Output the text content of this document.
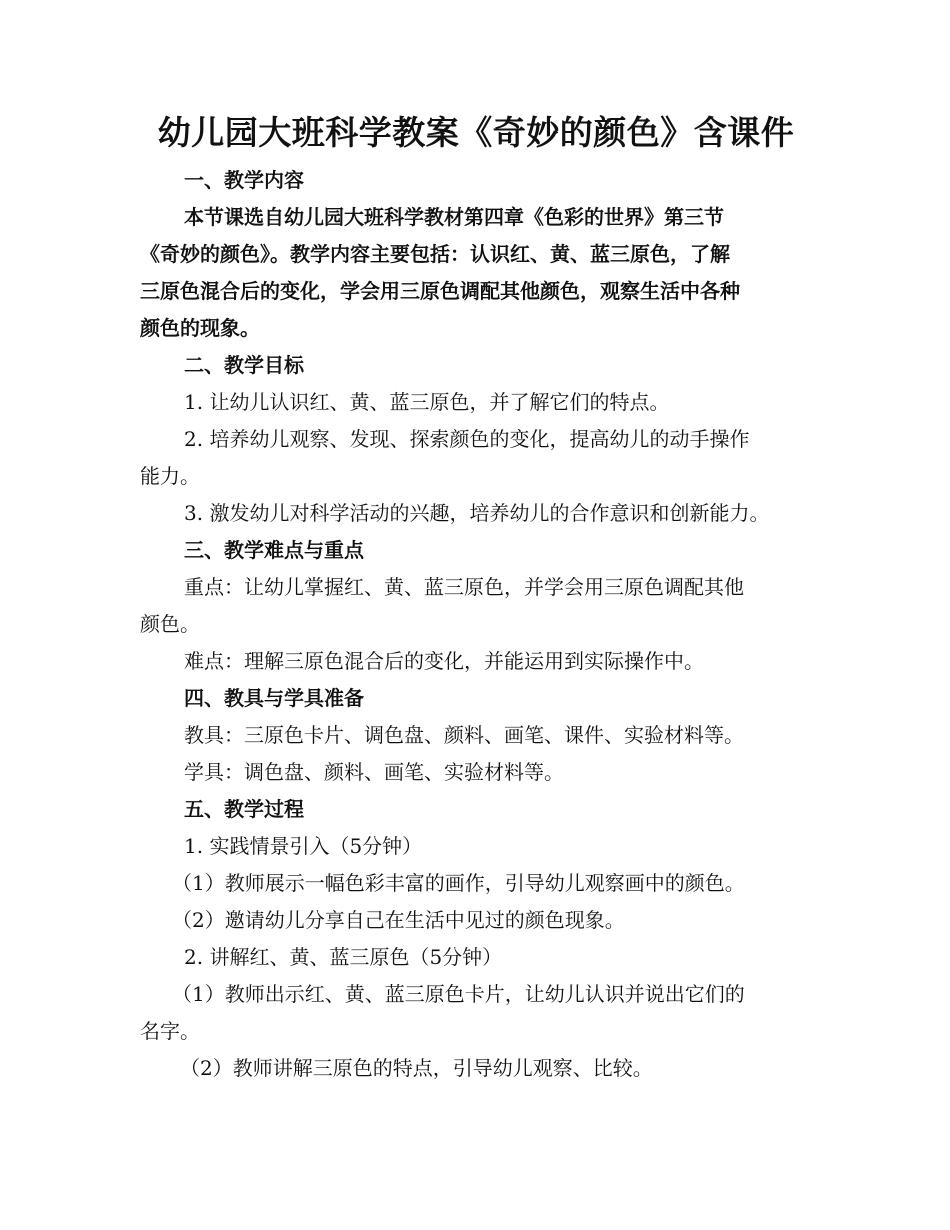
幼儿园大班科学教案《奇妙的颜色》含课件

一、教学内容

本节课选自幼儿园大班科学教材第四章《色彩的世界》第三节
《奇妙的颜色》。教学内容主要包括：认识红、黄、蓝三原色，了解
三原色混合后的变化，学会用三原色调配其他颜色，观察生活中各种
颜色的现象。

二、教学目标

1. 让幼儿认识红、黄、蓝三原色，并了解它们的特点。

2. 培养幼儿观察、发现、探索颜色的变化，提高幼儿的动手操作
能力。

3. 激发幼儿对科学活动的兴趣，培养幼儿的合作意识和创新能力。

三、教学难点与重点

重点：让幼儿掌握红、黄、蓝三原色，并学会用三原色调配其他
颜色。

难点：理解三原色混合后的变化，并能运用到实际操作中。

四、教具与学具准备

教具：三原色卡片、调色盘、颜料、画笔、课件、实验材料等。

学具：调色盘、颜料、画笔、实验材料等。

五、教学过程

1. 实践情景引入（5分钟）

（1）教师展示一幅色彩丰富的画作，引导幼儿观察画中的颜色。

（2）邀请幼儿分享自己在生活中见过的颜色现象。

2. 讲解红、黄、蓝三原色（5分钟）

（1）教师出示红、黄、蓝三原色卡片，让幼儿认识并说出它们的
名字。

（2）教师讲解三原色的特点，引导幼儿观察、比较。
